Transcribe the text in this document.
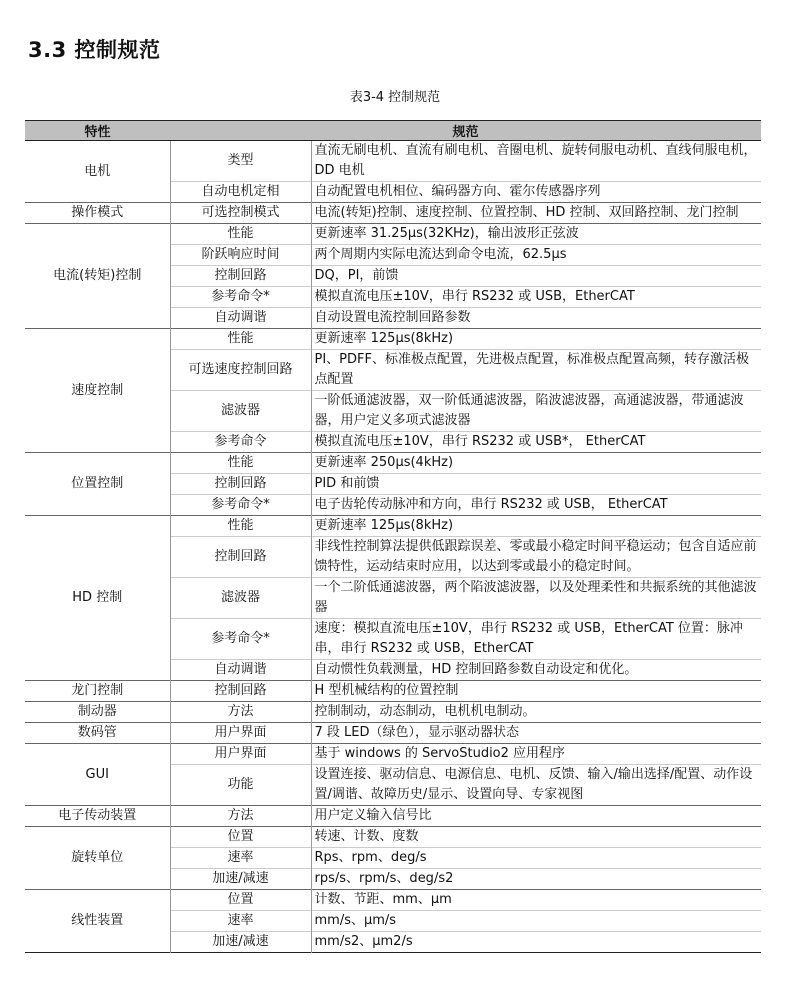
3.3 控制规范
表3-4 控制规范
特性	规范	
电机	类型	直流无刷电机、直流有刷电机、音圈电机、旋转伺服电动机、直线伺服电机，DD 电机
	自动电机定相	自动配置电机相位、编码器方向、霍尔传感器序列
操作模式	可选控制模式	电流(转矩)控制、速度控制、位置控制、HD 控制、双回路控制、龙门控制
电流(转矩)控制	性能	更新速率 31.25μs(32KHz)，输出波形正弦波
	阶跃响应时间	两个周期内实际电流达到命令电流，62.5μs
	控制回路	DQ，PI，前馈
	参考命令*	模拟直流电压±10V，串行 RS232 或 USB，EtherCAT
	自动调谐	自动设置电流控制回路参数
速度控制	性能	更新速率 125μs(8kHz)
	可选速度控制回路	PI、PDFF、标准极点配置，先进极点配置，标准极点配置高频，转存激活极点配置
	滤波器	一阶低通滤波器，双一阶低通滤波器，陷波滤波器，高通滤波器，带通滤波器，用户定义多项式滤波器
	参考命令	模拟直流电压±10V，串行 RS232 或 USB*， EtherCAT
位置控制	性能	更新速率 250μs(4kHz)
	控制回路	PID 和前馈
	参考命令*	电子齿轮传动脉冲和方向，串行 RS232 或 USB， EtherCAT
HD 控制	性能	更新速率 125μs(8kHz)
	控制回路	非线性控制算法提供低跟踪误差、零或最小稳定时间平稳运动；包含自适应前馈特性，运动结束时应用，以达到零或最小的稳定时间。
	滤波器	一个二阶低通滤波器，两个陷波滤波器，以及处理柔性和共振系统的其他滤波器
	参考命令*	速度：模拟直流电压±10V，串行 RS232 或 USB，EtherCAT 位置：脉冲串，串行 RS232 或 USB，EtherCAT
	自动调谐	自动惯性负载测量，HD 控制回路参数自动设定和优化。
龙门控制	控制回路	H 型机械结构的位置控制
制动器	方法	控制制动，动态制动，电机机电制动。
数码管	用户界面	7 段 LED（绿色），显示驱动器状态
GUI	用户界面	基于 windows 的 ServoStudio2 应用程序
	功能	设置连接、驱动信息、电源信息、电机、反馈、输入/输出选择/配置、动作设置/调谐、故障历史/显示、设置向导、专家视图
电子传动装置	方法	用户定义输入信号比
旋转单位	位置	转速、计数、度数
	速率	Rps、rpm、deg/s
	加速/减速	rps/s、rpm/s、deg/s2
线性装置	位置	计数、节距、mm、μm
	速率	mm/s、μm/s
	加速/减速	mm/s2、μm2/s
